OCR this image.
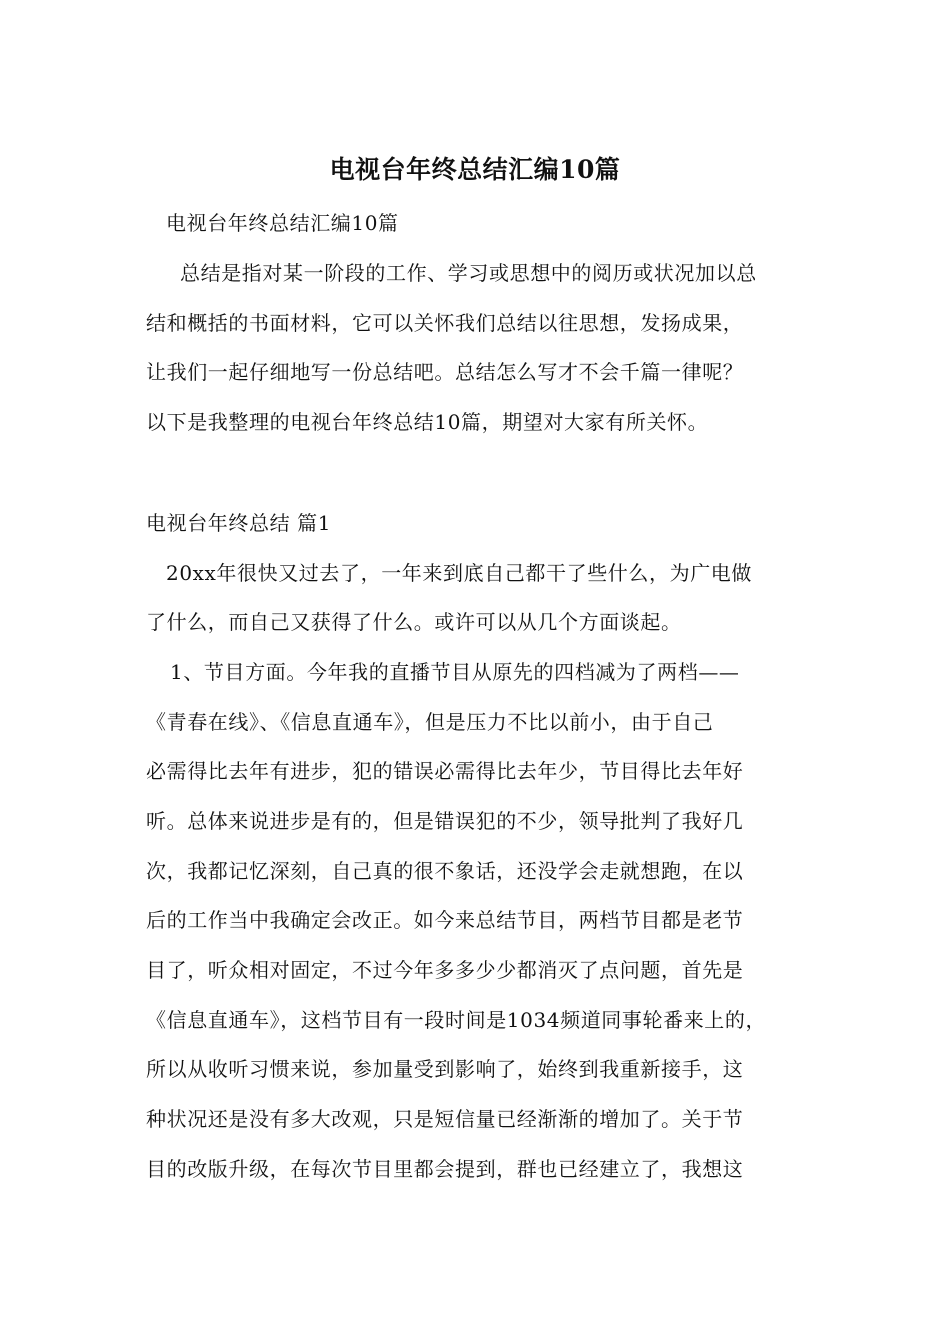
电视台年终总结汇编10篇
电视台年终总结汇编10篇
总结是指对某一阶段的工作、学习或思想中的阅历或状况加以总
结和概括的书面材料，它可以关怀我们总结以往思想，发扬成果，
让我们一起仔细地写一份总结吧。总结怎么写才不会千篇一律呢？
以下是我整理的电视台年终总结10篇，期望对大家有所关怀。
电视台年终总结 篇1
20xx年很快又过去了，一年来到底自己都干了些什么，为广电做
了什么，而自己又获得了什么。或许可以从几个方面谈起。
1、节目方面。今年我的直播节目从原先的四档减为了两档——
《青春在线》、《信息直通车》，但是压力不比以前小，由于自己
必需得比去年有进步，犯的错误必需得比去年少，节目得比去年好
听。总体来说进步是有的，但是错误犯的不少，领导批判了我好几
次，我都记忆深刻，自己真的很不象话，还没学会走就想跑，在以
后的工作当中我确定会改正。如今来总结节目，两档节目都是老节
目了，听众相对固定，不过今年多多少少都消灭了点问题，首先是
《信息直通车》，这档节目有一段时间是1034频道同事轮番来上的，
所以从收听习惯来说，参加量受到影响了，始终到我重新接手，这
种状况还是没有多大改观，只是短信量已经渐渐的增加了。关于节
目的改版升级，在每次节目里都会提到，群也已经建立了，我想这
